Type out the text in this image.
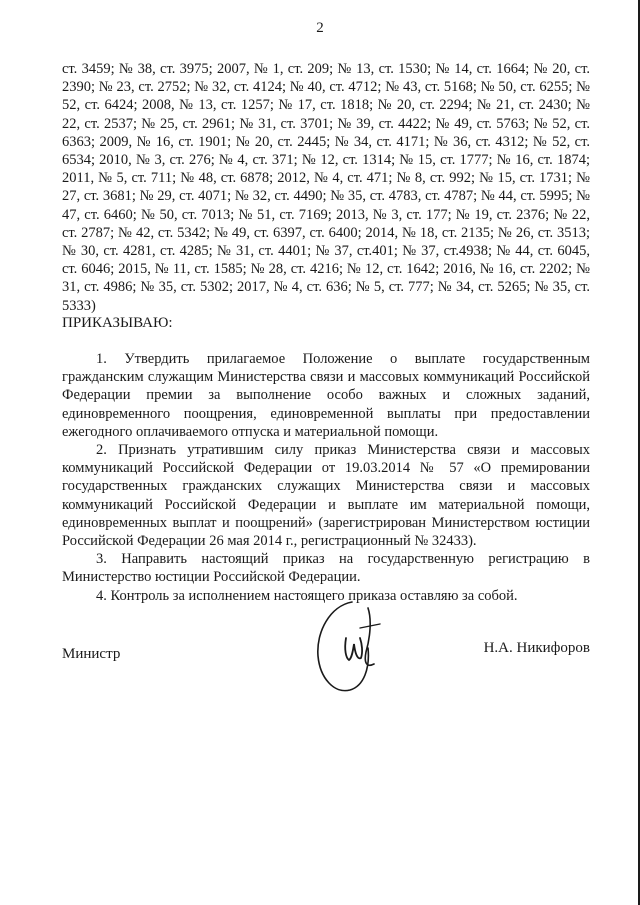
2
ст. 3459; № 38, ст. 3975; 2007, № 1, ст. 209; № 13, ст. 1530; № 14, ст. 1664; № 20, ст. 2390; № 23, ст. 2752; № 32, ст. 4124; № 40, ст. 4712; № 43, ст. 5168; № 50, ст. 6255; № 52, ст. 6424; 2008, № 13, ст. 1257; № 17, ст. 1818; № 20, ст. 2294; № 21, ст. 2430; № 22, ст. 2537; № 25, ст. 2961; № 31, ст. 3701; № 39, ст. 4422; № 49, ст. 5763; № 52, ст. 6363; 2009, № 16, ст. 1901; № 20, ст. 2445; № 34, ст. 4171; № 36, ст. 4312; № 52, ст. 6534; 2010, № 3, ст. 276; № 4, ст. 371; № 12, ст. 1314; № 15, ст. 1777; № 16, ст. 1874; 2011, № 5, ст. 711; № 48, ст. 6878; 2012, № 4, ст. 471; № 8, ст. 992; № 15, ст. 1731; № 27, ст. 3681; № 29, ст. 4071; № 32, ст. 4490; № 35, ст. 4783, ст. 4787; № 44, ст. 5995; № 47, ст. 6460; № 50, ст. 7013; № 51, ст. 7169; 2013, № 3, ст. 177; № 19, ст. 2376; № 22, ст. 2787; № 42, ст. 5342; № 49, ст. 6397, ст. 6400; 2014, № 18, ст. 2135; № 26, ст. 3513; № 30, ст. 4281, ст. 4285; № 31, ст. 4401; № 37, ст.401; № 37, ст.4938; № 44, ст. 6045, ст. 6046; 2015, № 11, ст. 1585; № 28, ст. 4216; № 12, ст. 1642; 2016, № 16, ст. 2202; № 31, ст. 4986; № 35, ст. 5302; 2017, № 4, ст. 636; № 5, ст. 777; № 34, ст. 5265; № 35, ст. 5333)
ПРИКАЗЫВАЮ:

1. Утвердить прилагаемое Положение о выплате государственным гражданским служащим Министерства связи и массовых коммуникаций Российской Федерации премии за выполнение особо важных и сложных заданий, единовременного поощрения, единовременной выплаты при предоставлении ежегодного оплачиваемого отпуска и материальной помощи.

2. Признать утратившим силу приказ Министерства связи и массовых коммуникаций Российской Федерации от 19.03.2014 № 57 «О премировании государственных гражданских служащих Министерства связи и массовых коммуникаций Российской Федерации и выплате им материальной помощи, единовременных выплат и поощрений» (зарегистрирован Министерством юстиции Российской Федерации 26 мая 2014 г., регистрационный № 32433).

3. Направить настоящий приказ на государственную регистрацию в Министерство юстиции Российской Федерации.

4. Контроль за исполнением настоящего приказа оставляю за собой.

Министр	Н.А. Никифоров
